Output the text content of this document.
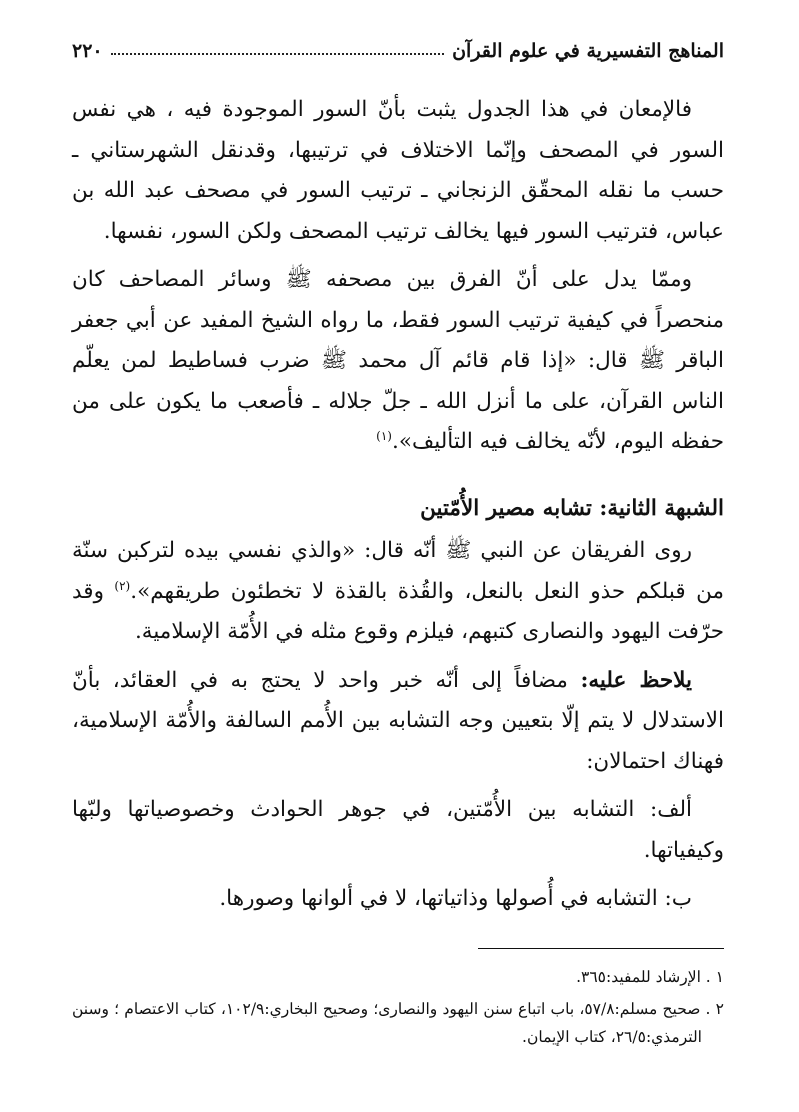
المناهج التفسيرية في علوم القرآن
٢٢٠

فالإمعان في هذا الجدول يثبت بأنّ السور الموجودة فيه ، هي نفس السور في المصحف وإنّما الاختلاف في ترتيبها، وقدنقل الشهرستاني ـ حسب ما نقله المحقّق الزنجاني ـ ترتيب السور في مصحف عبد الله بن عباس، فترتيب السور فيها يخالف ترتيب المصحف ولكن السور، نفسها.

وممّا يدل على أنّ الفرق بين مصحفه ﷺ وسائر المصاحف كان منحصراً في كيفية ترتيب السور فقط، ما رواه الشيخ المفيد عن أبي جعفر الباقر ﷺ قال: «إذا قام قائم آل محمد ﷺ ضرب فساطيط لمن يعلّم الناس القرآن، على ما أنزل الله ـ جلّ جلاله ـ فأصعب ما يكون على من حفظه اليوم، لأنّه يخالف فيه التأليف».$^{(١)}$

الشبهة الثانية: تشابه مصير الأُمّتين

روى الفريقان عن النبي ﷺ أنّه قال: «والذي نفسي بيده لتركبن سنّة من قبلكم حذو النعل بالنعل، والقُذة بالقذة لا تخطئون طريقهم».$^{(٢)}$ وقد حرّفت اليهود والنصارى كتبهم، فيلزم وقوع مثله في الأُمّة الإسلامية.

يلاحظ عليه: مضافاً إلى أنّه خبر واحد لا يحتج به في العقائد، بأنّ الاستدلال لا يتم إلّا بتعيين وجه التشابه بين الأُمم السالفة والأُمّة الإسلامية، فهناك احتمالان:

ألف: التشابه بين الأُمّتين، في جوهر الحوادث وخصوصياتها ولبّها وكيفياتها.

ب: التشابه في أُصولها وذاتياتها، لا في ألوانها وصورها.

١ . الإرشاد للمفيد:٣٦٥.

٢ . صحيح مسلم:٥٧/٨، باب اتباع سنن اليهود والنصارى؛ وصحيح البخاري:١٠٢/٩، كتاب الاعتصام ؛ وسنن الترمذي:٢٦/٥، كتاب الإيمان.
